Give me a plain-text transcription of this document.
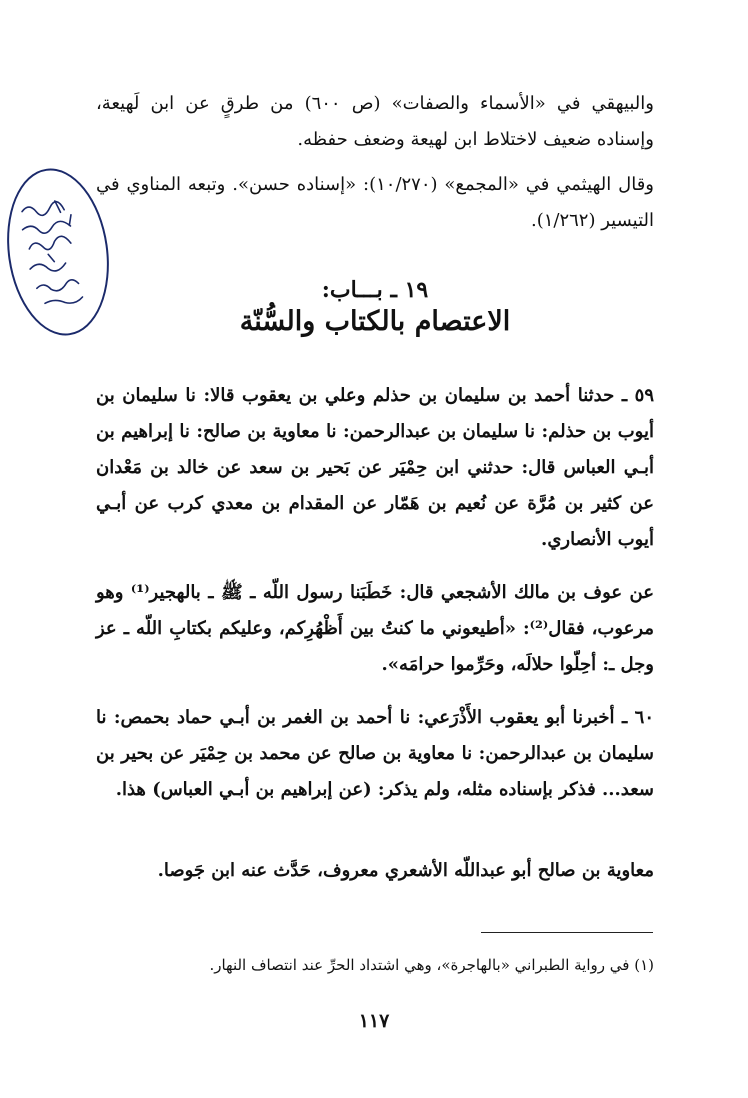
والبيهقي في «الأسماء والصفات» (ص ٦٠٠) من طرقٍ عن ابن لَهيعة، وإسناده ضعيف لاختلاط ابن لهيعة وضعف حفظه.
وقال الهيثمي في «المجمع» (١٠/٢٧٠): «إسناده حسن». وتبعه المناوي في التيسير (١/٢٦٢).
١٩ ـ بـــاب:
الاعتصام بالكتاب والسُّنّة
٥٩ ـ حدثنا أحمد بن سليمان بن حذلم وعلي بن يعقوب قالا: نا سليمان بن أيوب بن حذلم: نا سليمان بن عبدالرحمن: نا معاوية بن صالح: نا إبراهيم بن أبـي العباس قال: حدثني ابن حِمْيَر عن بَحير بن سعد عن خالد بن مَعْدان عن كثير بن مُرَّة عن نُعيم بن هَمّار عن المقدام بن معدي كرب عن أبـي أيوب الأنصاري.
عن عوف بن مالك الأشجعي قال: خَطَبَنا رسول اللّه ـ ﷺ ـ بالهجير⁽¹⁾ وهو مرعوب، فقال⁽²⁾: «أطيعوني ما كنتُ بين أَظْهُرِكم، وعليكم بكتابِ اللّه ـ عز وجل ـ: أحِلّوا حلالَه، وحَرِّموا حرامَه».
٦٠ ـ أخبرنا أبو يعقوب الأَذْرَعي: نا أحمد بن الغمر بن أبـي حماد بحمص: نا سليمان بن عبدالرحمن: نا معاوية بن صالح عن محمد بن حِمْيَر عن بحير بن سعد... فذكر بإسناده مثله، ولم يذكر: (عن إبراهيم بن أبـي العباس) هذا.
معاوية بن صالح أبو عبداللّه الأشعري معروف، حَدَّث عنه ابن جَوصا.
(١) في رواية الطبراني «بالهاجرة»، وهي اشتداد الحرِّ عند انتصاف النهار.
١١٧
